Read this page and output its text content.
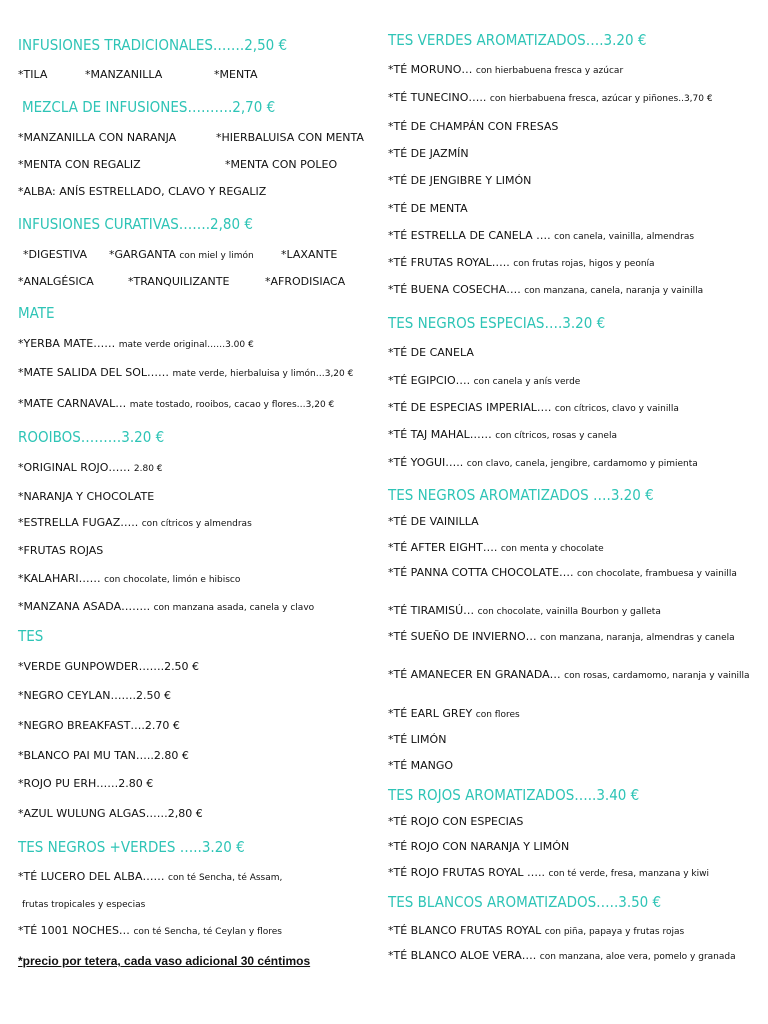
INFUSIONES TRADICIONALES…….2,50 €
*TILA	*MANZANILLA	*MENTA
MEZCLA DE INFUSIONES……….2,70 €
*MANZANILLA CON NARANJA	*HIERBALUISA CON MENTA
*MENTA CON REGALIZ	*MENTA CON POLEO
*ALBA: ANÍS ESTRELLADO, CLAVO Y REGALIZ
INFUSIONES CURATIVAS…….2,80 €
*DIGESTIVA *GARGANTA con miel y limón *LAXANTE
*ANALGÉSICA	*TRANQUILIZANTE	*AFRODISIACA
MATE
*YERBA MATE…… mate verde original……3.00 €
*MATE SALIDA DEL SOL…… mate verde, hierbaluisa y limón…3,20 €
*MATE CARNAVAL… mate tostado, rooibos, cacao y flores…3,20 €
ROOIBOS………3.20 €
*ORIGINAL ROJO…… 2.80 €
*NARANJA Y CHOCOLATE
*ESTRELLA FUGAZ….. con cítricos y almendras
*FRUTAS ROJAS
*KALAHARI…… con chocolate, limón e hibisco
*MANZANA ASADA…….. con manzana asada, canela y clavo
TES
*VERDE GUNPOWDER…….2.50 €
*NEGRO CEYLAN…….2.50 €
*NEGRO BREAKFAST….2.70 €
*BLANCO PAI MU TAN…..2.80 €
*ROJO PU ERH……2.80 €
*AZUL WULUNG ALGAS……2,80 €
TES NEGROS +VERDES …..3.20 €
*TÉ LUCERO DEL ALBA…… con té Sencha, té Assam,
frutas tropicales y especias
*TÉ 1001 NOCHES… con té Sencha, té Ceylan y flores
*precio por tetera, cada vaso adicional 30 céntimos
TES VERDES AROMATIZADOS….3.20 €
*TÉ MORUNO… con hierbabuena fresca y azúcar
*TÉ TUNECINO….. con hierbabuena fresca, azúcar y piñones..3,70 €
*TÉ DE CHAMPÁN CON FRESAS
*TÉ DE JAZMÍN
*TÉ DE JENGIBRE Y LIMÓN
*TÉ DE MENTA
*TÉ ESTRELLA DE CANELA …. con canela, vainilla, almendras
*TÉ FRUTAS ROYAL….. con frutas rojas, higos y peonía
*TÉ BUENA COSECHA…. con manzana, canela, naranja y vainilla
TES NEGROS ESPECIAS….3.20 €
*TÉ DE CANELA
*TÉ EGIPCIO…. con canela y anís verde
*TÉ DE ESPECIAS IMPERIAL…. con cítricos, clavo y vainilla
*TÉ TAJ MAHAL…… con cítricos, rosas y canela
*TÉ YOGUI….. con clavo, canela, jengibre, cardamomo y pimienta
TES NEGROS AROMATIZADOS ….3.20 €
*TÉ DE VAINILLA
*TÉ AFTER EIGHT…. con menta y chocolate
*TÉ PANNA COTTA CHOCOLATE…. con chocolate, frambuesa y vainilla
*TÉ TIRAMISÚ… con chocolate, vainilla Bourbon y galleta
*TÉ SUEÑO DE INVIERNO… con manzana, naranja, almendras y canela
*TÉ AMANECER EN GRANADA… con rosas, cardamomo, naranja y vainilla
*TÉ EARL GREY con flores
*TÉ LIMÓN
*TÉ MANGO
TES ROJOS AROMATIZADOS…..3.40 €
*TÉ ROJO CON ESPECIAS
*TÉ ROJO CON NARANJA Y LIMÓN
*TÉ ROJO FRUTAS ROYAL ….. con té verde, fresa, manzana y kiwi
TES BLANCOS AROMATIZADOS…..3.50 €
*TÉ BLANCO FRUTAS ROYAL con piña, papaya y frutas rojas
*TÉ BLANCO ALOE VERA…. con manzana, aloe vera, pomelo y granada
